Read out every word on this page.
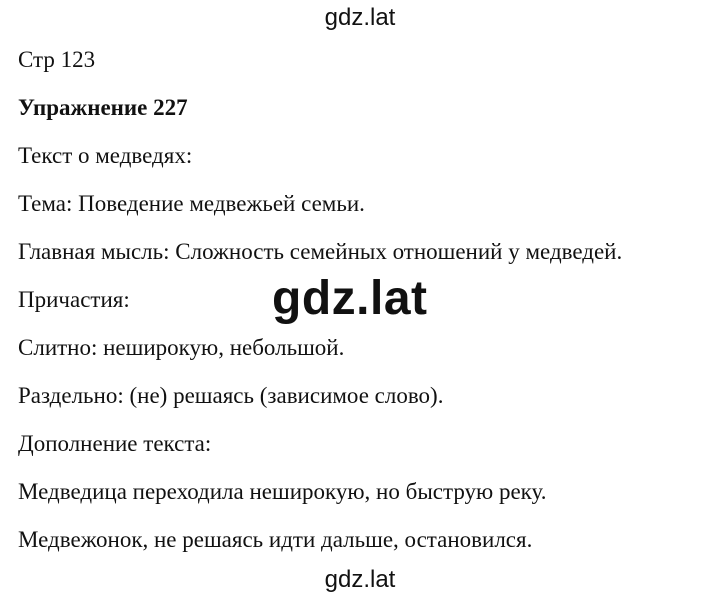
gdz.lat
Стр 123
Упражнение 227
Текст о медведях:
Тема: Поведение медвежьей семьи.
Главная мысль: Сложность семейных отношений у медведей.
Причастия:
Слитно: неширокую, небольшой.
Раздельно: (не) решаясь (зависимое слово).
Дополнение текста:
Медведица переходила неширокую, но быструю реку.
Медвежонок, не решаясь идти дальше, остановился.
gdz.lat
gdz.lat
